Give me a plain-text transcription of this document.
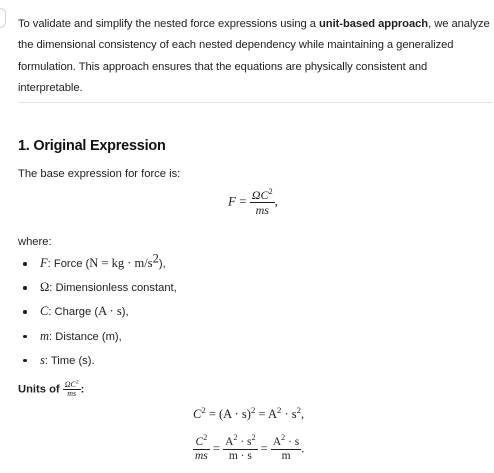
To validate and simplify the nested force expressions using a unit-based approach, we analyze the dimensional consistency of each nested dependency while maintaining a generalized formulation. This approach ensures that the equations are physically consistent and interpretable.
1. Original Expression
The base expression for force is:
$F = \frac{\Omega C^2}{ms}$ ,
where:
F: Force (N = kg · $m/s^2$),
Ω: Dimensionless constant,
C: Charge (A · s),
m: Distance (m),
s: Time (s).
Units of $\frac{\Omega C^2}{ms}$ :
$C^2 = (A \cdot s)^2 = A^2 \cdot s^2$,
$\frac{C^2}{ms} = \frac{A^2 \cdot s^2}{m \cdot s} = \frac{A^2 \cdot s}{m}$ .
